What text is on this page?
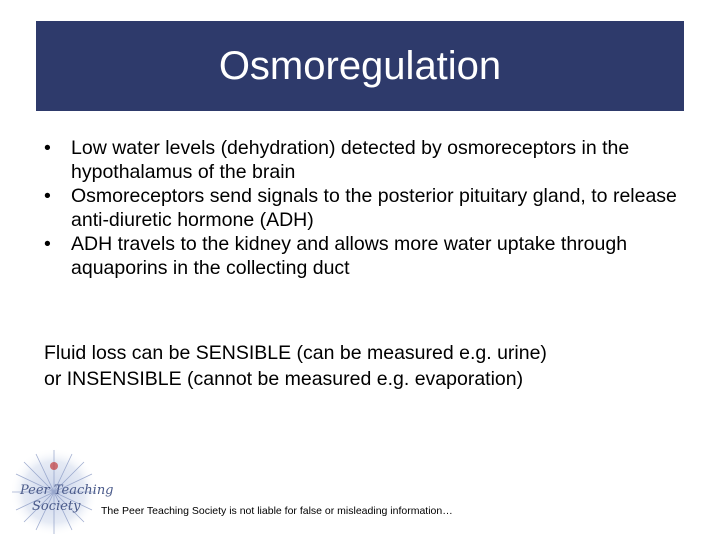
Osmoregulation
• Low water levels (dehydration) detected by osmoreceptors in the hypothalamus of the brain
• Osmoreceptors send signals to the posterior pituitary gland, to release anti-diuretic hormone (ADH)
• ADH travels to the kidney and allows more water uptake through aquaporins in the collecting duct

Fluid loss can be SENSIBLE (can be measured e.g. urine)

or INSENSIBLE (cannot be measured e.g. evaporation)

Peer Teaching
Society The Peer Teaching Society is not liable for false or misleading information…
